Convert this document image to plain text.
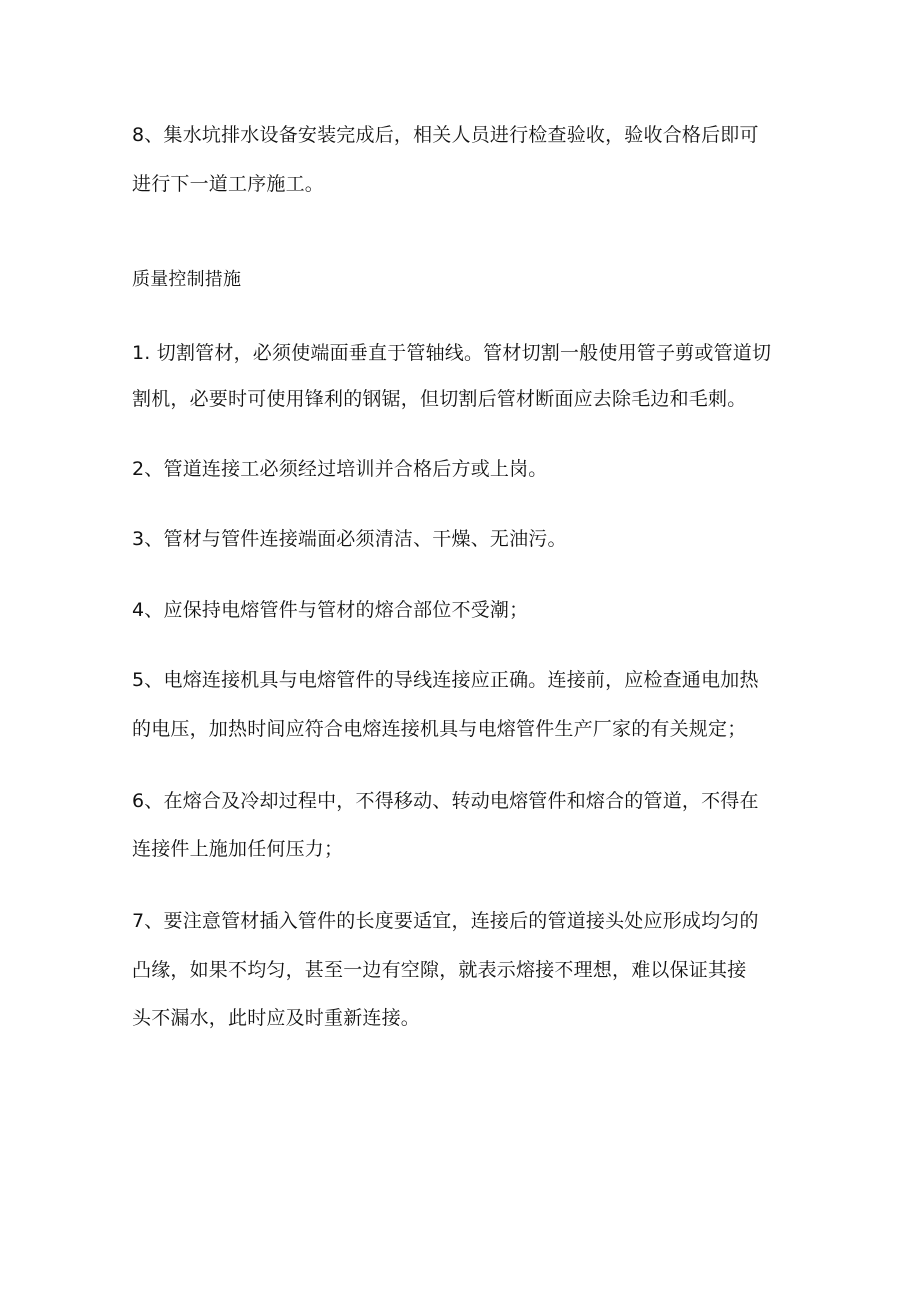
8、集水坑排水设备安装完成后，相关人员进行检查验收，验收合格后即可
进行下一道工序施工。
质量控制措施
1. 切割管材，必须使端面垂直于管轴线。管材切割一般使用管子剪或管道切
割机，必要时可使用锋利的钢锯，但切割后管材断面应去除毛边和毛刺。
2、管道连接工必须经过培训并合格后方或上岗。
3、管材与管件连接端面必须清洁、干燥、无油污。
4、应保持电熔管件与管材的熔合部位不受潮；
5、电熔连接机具与电熔管件的导线连接应正确。连接前，应检查通电加热
的电压，加热时间应符合电熔连接机具与电熔管件生产厂家的有关规定；
6、在熔合及冷却过程中，不得移动、转动电熔管件和熔合的管道，不得在
连接件上施加任何压力；
7、要注意管材插入管件的长度要适宜，连接后的管道接头处应形成均匀的
凸缘，如果不均匀，甚至一边有空隙，就表示熔接不理想，难以保证其接
头不漏水，此时应及时重新连接。
